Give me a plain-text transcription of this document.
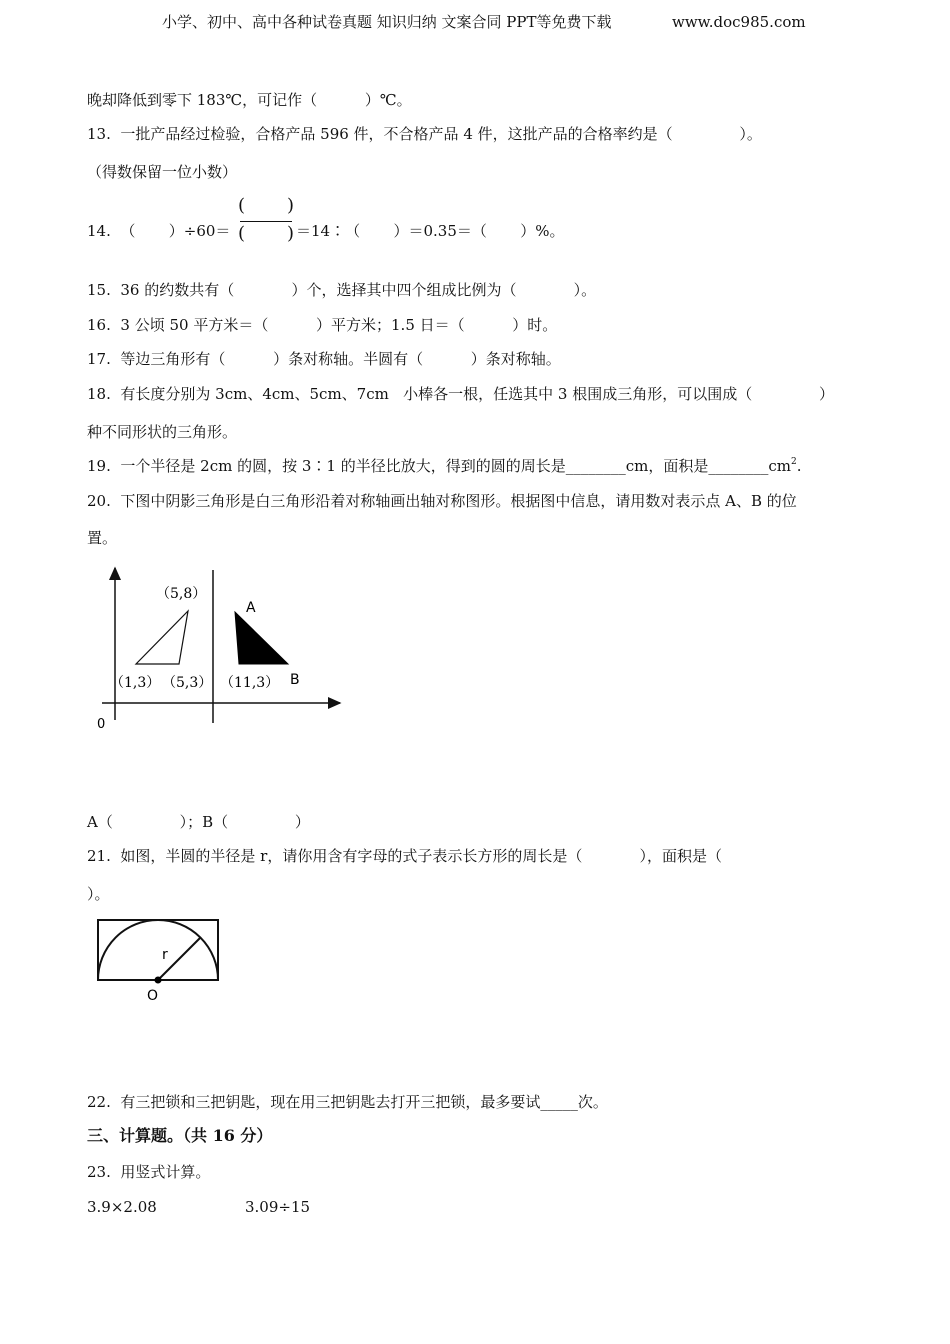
小学、初中、高中各种试卷真题 知识归纳 文案合同 PPT等免费下载	www.doc985.com
晚却降低到零下 183℃，可记作（          ）℃。
13.  一批产品经过检验，合格产品 596 件，不合格产品 4 件，这批产品的合格率约是（              ）。
（得数保留一位小数）
14.  （       ）÷60＝
( )
( ) ＝14∶（       ）＝0.35＝（       ）%。
15.  36 的约数共有（            ）个，选择其中四个组成比例为（            ）。
16.  3 公顷 50 平方米＝（          ）平方米；1.5 日＝（          ）时。
17.  等边三角形有（          ）条对称轴。半圆有（          ）条对称轴。
18.  有长度分别为 3cm、4cm、5cm、7cm   小棒各一根，任选其中 3 根围成三角形，可以围成（              ）
种不同形状的三角形。
19.  一个半径是 2cm 的圆，按 3∶1 的半径比放大，得到的圆的周长是________cm，面积是$\_\_\_\_\_\_\_\_cm^2$.
20.  下图中阴影三角形是白三角形沿着对称轴画出轴对称图形。根据图中信息，请用数对表示点 A、B 的位
置。
（5,8）
（1,3） （5,3） （11,3）
A
B
0
A（              ）；B（              ）
21.  如图，半圆的半径是 r，请你用含有字母的式子表示长方形的周长是（            ），面积是（
）。
r
O
22.  有三把锁和三把钥匙，现在用三把钥匙去打开三把锁，最多要试_____次。
三、计算题。（共 16 分）
23.  用竖式计算。
3.9×2.08	3.09÷15
